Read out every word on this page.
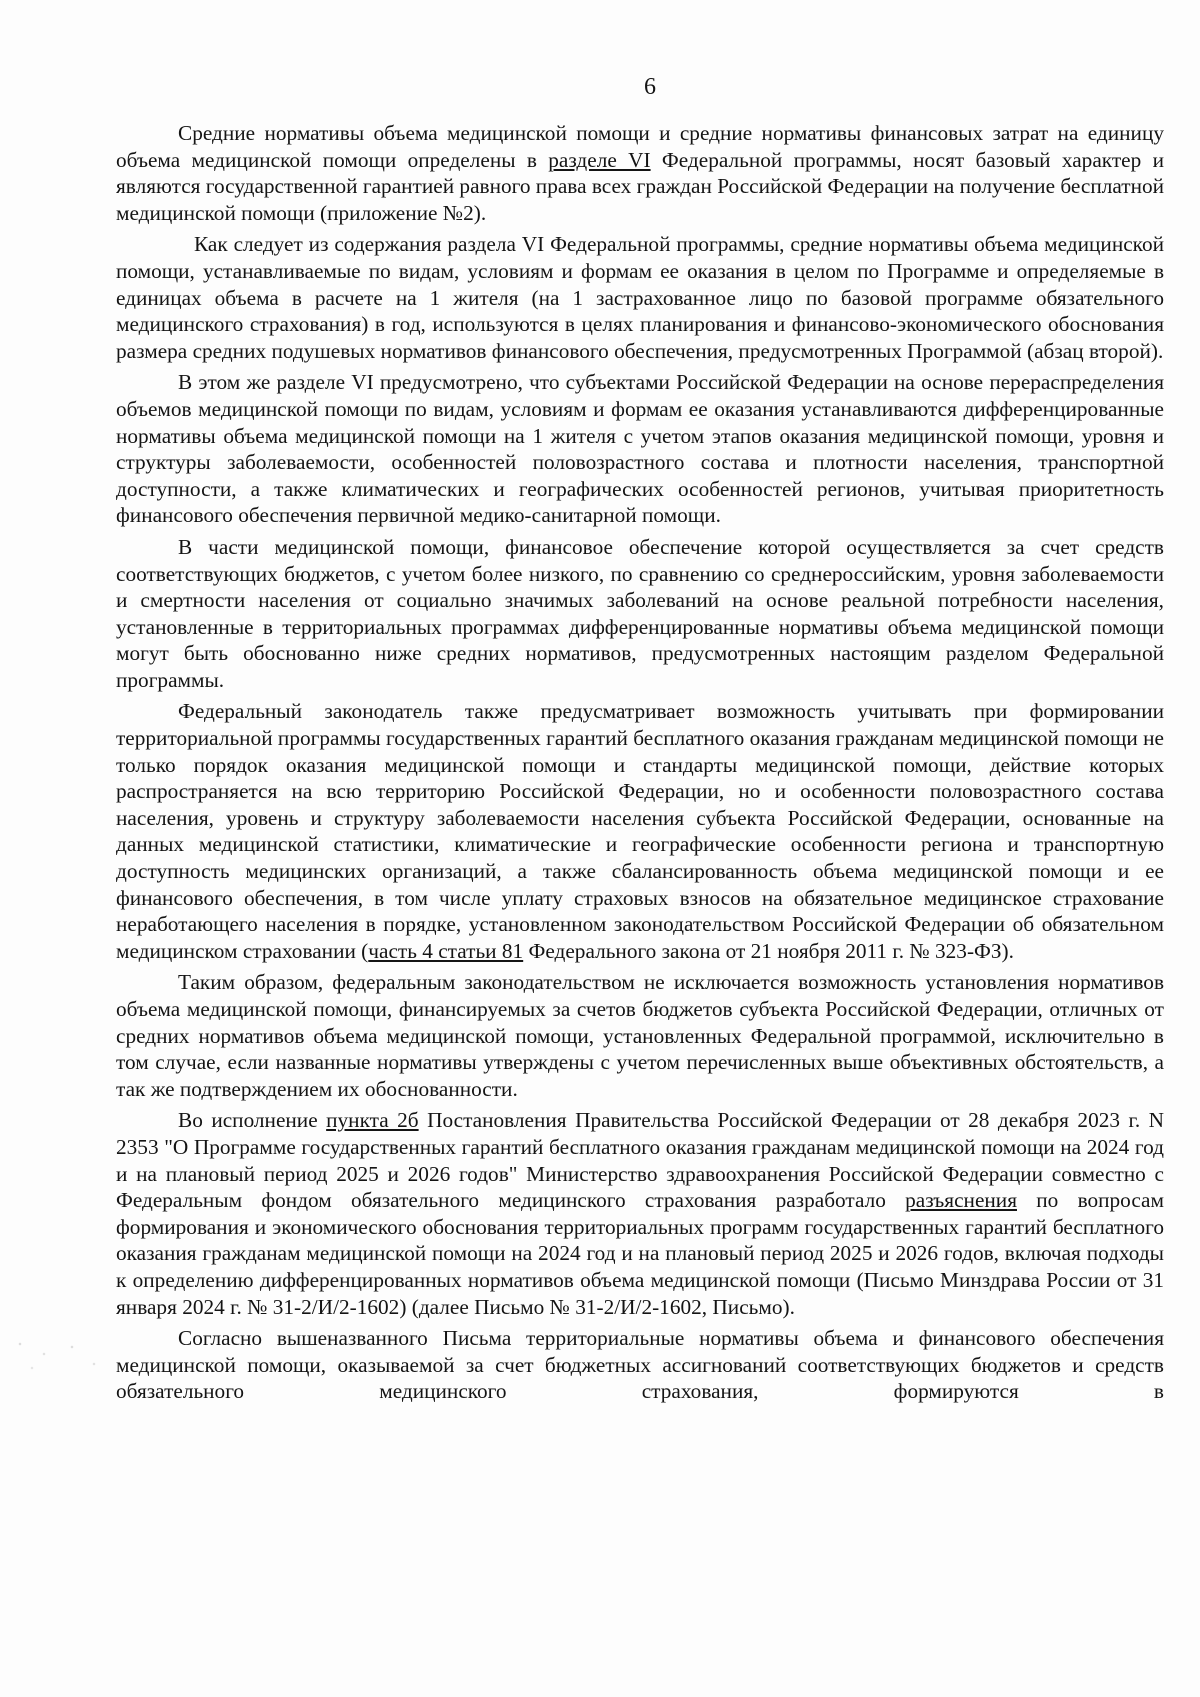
6

Средние нормативы объема медицинской помощи и средние нормативы финансовых затрат на единицу объема медицинской помощи определены в разделе VI Федеральной программы, носят базовый характер и являются государственной гарантией равного права всех граждан Российской Федерации на получение бесплатной медицинской помощи (приложение №2).

Как следует из содержания раздела VI Федеральной программы, средние нормативы объема медицинской помощи, устанавливаемые по видам, условиям и формам ее оказания в целом по Программе и определяемые в единицах объема в расчете на 1 жителя (на 1 застрахованное лицо по базовой программе обязательного медицинского страхования) в год, используются в целях планирования и финансово-экономического обоснования размера средних подушевых нормативов финансового обеспечения, предусмотренных Программой (абзац второй).

В этом же разделе VI предусмотрено, что субъектами Российской Федерации на основе перераспределения объемов медицинской помощи по видам, условиям и формам ее оказания устанавливаются дифференцированные нормативы объема медицинской помощи на 1 жителя с учетом этапов оказания медицинской помощи, уровня и структуры заболеваемости, особенностей половозрастного состава и плотности населения, транспортной доступности, а также климатических и географических особенностей регионов, учитывая приоритетность финансового обеспечения первичной медико-санитарной помощи.

В части медицинской помощи, финансовое обеспечение которой осуществляется за счет средств соответствующих бюджетов, с учетом более низкого, по сравнению со среднероссийским, уровня заболеваемости и смертности населения от социально значимых заболеваний на основе реальной потребности населения, установленные в территориальных программах дифференцированные нормативы объема медицинской помощи могут быть обоснованно ниже средних нормативов, предусмотренных настоящим разделом Федеральной программы.

Федеральный законодатель также предусматривает возможность учитывать при формировании территориальной программы государственных гарантий бесплатного оказания гражданам медицинской помощи не только порядок оказания медицинской помощи и стандарты медицинской помощи, действие которых распространяется на всю территорию Российской Федерации, но и особенности половозрастного состава населения, уровень и структуру заболеваемости населения субъекта Российской Федерации, основанные на данных медицинской статистики, климатические и географические особенности региона и транспортную доступность медицинских организаций, а также сбалансированность объема медицинской помощи и ее финансового обеспечения, в том числе уплату страховых взносов на обязательное медицинское страхование неработающего населения в порядке, установленном законодательством Российской Федерации об обязательном медицинском страховании (часть 4 статьи 81 Федерального закона от 21 ноября 2011 г. № 323-ФЗ).

Таким образом, федеральным законодательством не исключается возможность установления нормативов объема медицинской помощи, финансируемых за счетов бюджетов субъекта Российской Федерации, отличных от средних нормативов объема медицинской помощи, установленных Федеральной программой, исключительно в том случае, если названные нормативы утверждены с учетом перечисленных выше объективных обстоятельств, а так же подтверждением их обоснованности.

Во исполнение пункта 2б Постановления Правительства Российской Федерации от 28 декабря 2023 г. N 2353 "О Программе государственных гарантий бесплатного оказания гражданам медицинской помощи на 2024 год и на плановый период 2025 и 2026 годов" Министерство здравоохранения Российской Федерации совместно с Федеральным фондом обязательного медицинского страхования разработало разъяснения по вопросам формирования и экономического обоснования территориальных программ государственных гарантий бесплатного оказания гражданам медицинской помощи на 2024 год и на плановый период 2025 и 2026 годов, включая подходы к определению дифференцированных нормативов объема медицинской помощи (Письмо Минздрава России от 31 января 2024 г. № 31-2/И/2-1602) (далее Письмо № 31-2/И/2-1602, Письмо).

Согласно вышеназванного Письма территориальные нормативы объема и финансового обеспечения медицинской помощи, оказываемой за счет бюджетных ассигнований соответствующих бюджетов и средств обязательного медицинского страхования, формируются в
